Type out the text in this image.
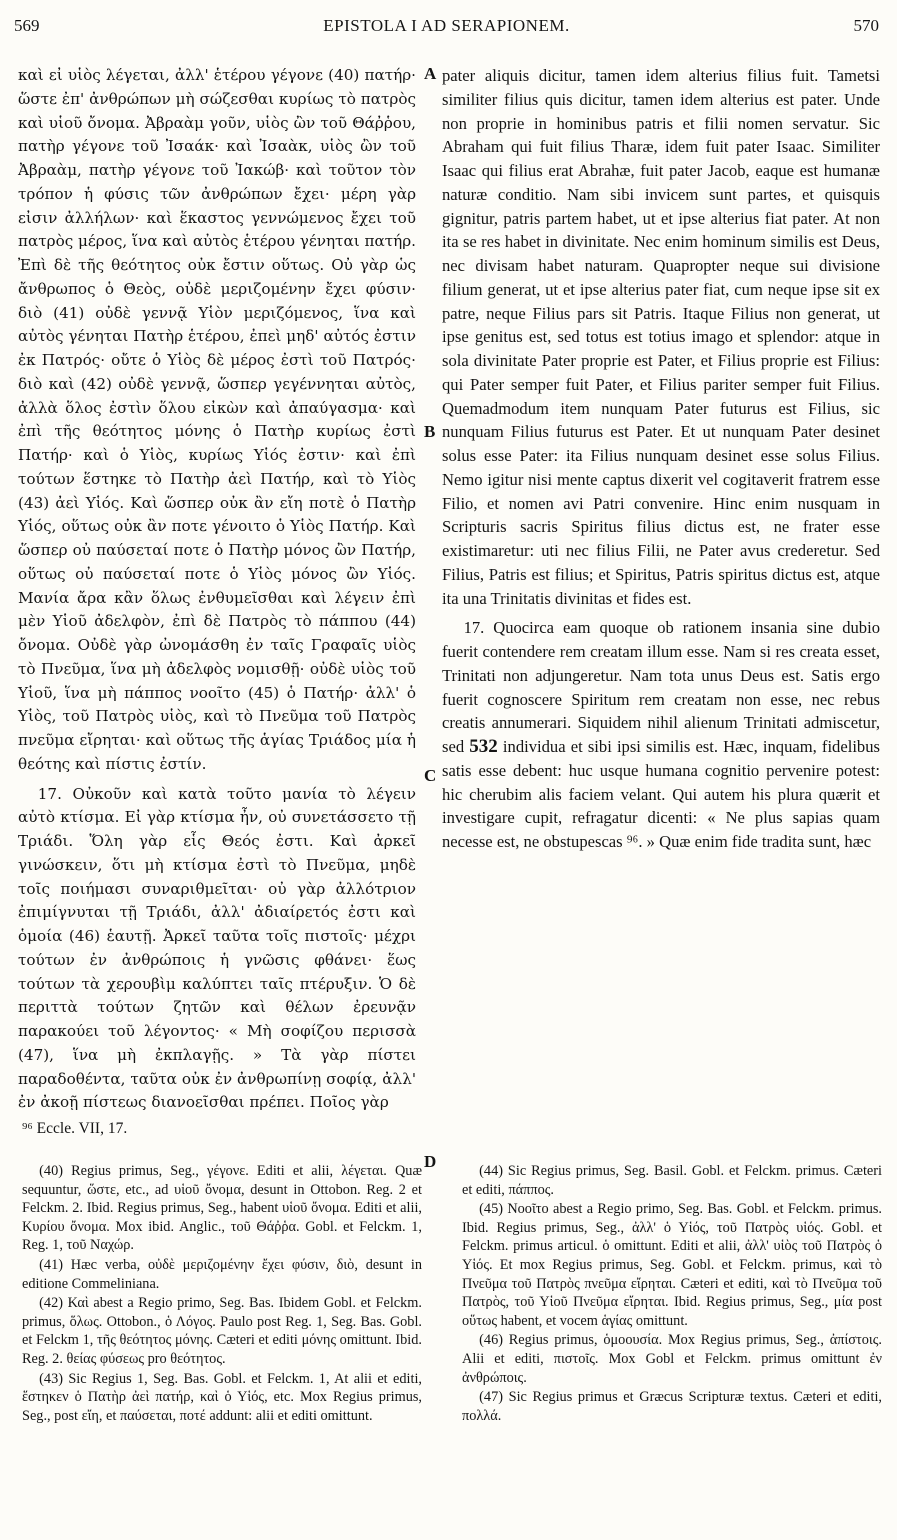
569	EPISTOLA I AD SERAPIONEM.	570

καὶ εἰ υἱὸς λέγεται, ἀλλ' ἑτέρου γέγονε (40) πατήρ· ὥστε ἐπ' ἀνθρώπων μὴ σώζεσθαι κυρίως τὸ πατρὸς καὶ υἱοῦ ὄνομα. Ἀβραὰμ γοῦν, υἱὸς ὢν τοῦ Θάῤῥου, πατὴρ γέγονε τοῦ Ἰσαάκ· καὶ Ἰσαὰκ, υἱὸς ὢν τοῦ Ἀβραὰμ, πατὴρ γέγονε τοῦ Ἰακώβ· καὶ τοῦτον τὸν τρόπον ἡ φύσις τῶν ἀνθρώπων ἔχει· μέρη γὰρ εἰσιν ἀλλήλων· καὶ ἕκαστος γεννώμενος ἔχει τοῦ πατρὸς μέρος, ἵνα καὶ αὐτὸς ἑτέρου γένηται πατήρ. Ἐπὶ δὲ τῆς θεότητος οὐκ ἔστιν οὕτως. Οὐ γὰρ ὡς ἄνθρωπος ὁ Θεὸς, οὐδὲ μεριζομένην ἔχει φύσιν· διὸ (41) οὐδὲ γεννᾷ Υἱὸν μεριζόμενος, ἵνα καὶ αὐτὸς γένηται Πατὴρ ἑτέρου, ἐπεὶ μηδ' αὐτός ἐστιν ἐκ Πατρός· οὔτε ὁ Υἱὸς δὲ μέρος ἐστὶ τοῦ Πατρός· διὸ καὶ (42) οὐδὲ γεννᾷ, ὥσπερ γεγέννηται αὐτὸς, ἀλλὰ ὅλος ἐστὶν ὅλου εἰκὼν καὶ ἀπαύγασμα· καὶ ἐπὶ τῆς θεότητος μόνης ὁ Πατὴρ κυρίως ἐστὶ Πατήρ· καὶ ὁ Υἱὸς, κυρίως Υἱός ἐστιν· καὶ ἐπὶ τούτων ἕστηκε τὸ Πατὴρ ἀεὶ Πατήρ, καὶ τὸ Υἱὸς (43) ἀεὶ Υἱός. Καὶ ὥσπερ οὐκ ἂν εἴη ποτὲ ὁ Πατὴρ Υἱός, οὕτως οὐκ ἂν ποτε γένοιτο ὁ Υἱὸς Πατήρ. Καὶ ὥσπερ οὐ παύσεταί ποτε ὁ Πατὴρ μόνος ὢν Πατήρ, οὕτως οὐ παύσεταί ποτε ὁ Υἱὸς μόνος ὢν Υἱός. Μανία ἄρα κἂν ὅλως ἐνθυμεῖσθαι καὶ λέγειν ἐπὶ μὲν Υἱοῦ ἀδελφὸν, ἐπὶ δὲ Πατρὸς τὸ πάππου (44) ὄνομα. Οὐδὲ γὰρ ὠνομάσθη ἐν ταῖς Γραφαῖς υἱὸς τὸ Πνεῦμα, ἵνα μὴ ἀδελφὸς νομισθῇ· οὐδὲ υἱὸς τοῦ Υἱοῦ, ἵνα μὴ πάππος νοοῖτο (45) ὁ Πατήρ· ἀλλ' ὁ Υἱὸς, τοῦ Πατρὸς υἱὸς, καὶ τὸ Πνεῦμα τοῦ Πατρὸς πνεῦμα εἴρηται· καὶ οὕτως τῆς ἁγίας Τριάδος μία ἡ θεότης καὶ πίστις ἐστίν.

17. Οὐκοῦν καὶ κατὰ τοῦτο μανία τὸ λέγειν αὐτὸ κτίσμα. Εἰ γὰρ κτίσμα ἦν, οὐ συνετάσσετο τῇ Τριάδι. Ὅλη γὰρ εἷς Θεός ἐστι. Καὶ ἀρκεῖ γινώσκειν, ὅτι μὴ κτίσμα ἐστὶ τὸ Πνεῦμα, μηδὲ τοῖς ποιήμασι συναριθμεῖται· οὐ γὰρ ἀλλότριον ἐπιμίγνυται τῇ Τριάδι, ἀλλ' ἀδιαίρετός ἐστι καὶ ὁμοία (46) ἑαυτῇ. Ἀρκεῖ ταῦτα τοῖς πιστοῖς· μέχρι τούτων ἐν ἀνθρώποις ἡ γνῶσις φθάνει· ἕως τούτων τὰ χερουβὶμ καλύπτει ταῖς πτέρυξιν. Ὁ δὲ περιττὰ τούτων ζητῶν καὶ θέλων ἐρευνᾷν παρακούει τοῦ λέγοντος· « Μὴ σοφίζου περισσὰ (47), ἵνα μὴ ἐκπλαγῇς. » Τὰ γὰρ πίστει παραδοθέντα, ταῦτα οὐκ ἐν ἀνθρωπίνῃ σοφίᾳ, ἀλλ' ἐν ἀκοῇ πίστεως διανοεῖσθαι πρέπει. Ποῖος γὰρ

A
B
C
D

pater aliquis dicitur, tamen idem alterius filius fuit. Tametsi similiter filius quis dicitur, tamen idem alterius est pater. Unde non proprie in hominibus patris et filii nomen servatur. Sic Abraham qui fuit filius Tharæ, idem fuit pater Isaac. Similiter Isaac qui filius erat Abrahæ, fuit pater Jacob, eaque est humanæ naturæ conditio. Nam sibi invicem sunt partes, et quisquis gignitur, patris partem habet, ut et ipse alterius fiat pater. At non ita se res habet in divinitate. Nec enim hominum similis est Deus, nec divisam habet naturam. Quapropter neque sui divisione filium generat, ut et ipse alterius pater fiat, cum neque ipse sit ex patre, neque Filius pars sit Patris. Itaque Filius non generat, ut ipse genitus est, sed totus est totius imago et splendor: atque in sola divinitate Pater proprie est Pater, et Filius proprie est Filius: qui Pater semper fuit Pater, et Filius pariter semper fuit Filius. Quemadmodum item nunquam Pater futurus est Filius, sic nunquam Filius futurus est Pater. Et ut nunquam Pater desinet solus esse Pater: ita Filius nunquam desinet esse solus Filius. Nemo igitur nisi mente captus dixerit vel cogitaverit fratrem esse Filio, et nomen avi Patri convenire. Hinc enim nusquam in Scripturis sacris Spiritus filius dictus est, ne frater esse existimaretur: uti nec filius Filii, ne Pater avus crederetur. Sed Filius, Patris est filius; et Spiritus, Patris spiritus dictus est, atque ita una Trinitatis divinitas et fides est.

17. Quocirca eam quoque ob rationem insania sine dubio fuerit contendere rem creatam illum esse. Nam si res creata esset, Trinitati non adjungeretur. Nam tota unus Deus est. Satis ergo fuerit cognoscere Spiritum rem creatam non esse, nec rebus creatis annumerari. Siquidem nihil alienum Trinitati admiscetur, sed 532 individua et sibi ipsi similis est. Hæc, inquam, fidelibus satis esse debent: huc usque humana cognitio pervenire potest: hic cherubim alis faciem velant. Qui autem his plura quærit et investigare cupit, refragatur dicenti: « Ne plus sapias quam necesse est, ne obstupescas ⁹⁶. » Quæ enim fide tradita sunt, hæc

⁹⁶ Eccle. VII, 17.

(40) Regius primus, Seg., γέγονε. Editi et alii, λέγεται. Quæ sequuntur, ὥστε, etc., ad υἱοῦ ὄνομα, desunt in Ottobon. Reg. 2 et Felckm. 2. Ibid. Regius primus, Seg., habent υἱοῦ ὄνομα. Editi et alii, Κυρίου ὄνομα. Mox ibid. Anglic., τοῦ Θάῤῥα. Gobl. et Felckm. 1, Reg. 1, τοῦ Ναχώρ.

(41) Hæc verba, οὐδὲ μεριζομένην ἔχει φύσιν, διὸ, desunt in editione Commeliniana.

(42) Καὶ abest a Regio primo, Seg. Bas. Ibidem Gobl. et Felckm. primus, ὅλως. Ottobon., ὁ Λόγος. Paulo post Reg. 1, Seg. Bas. Gobl. et Felckm 1, τῆς θεότητος μόνης. Cæteri et editi μόνης omittunt. Ibid. Reg. 2. θείας φύσεως pro θεότητος.

(43) Sic Regius 1, Seg. Bas. Gobl. et Felckm. 1, At alii et editi, ἕστηκεν ὁ Πατὴρ ἀεὶ πατήρ, καὶ ὁ Υἱός, etc. Mox Regius primus, Seg., post εἴη, et παύσεται, ποτέ addunt: alii et editi omittunt.

(44) Sic Regius primus, Seg. Basil. Gobl. et Felckm. primus. Cæteri et editi, πάππος.

(45) Νοοῖτο abest a Regio primo, Seg. Bas. Gobl. et Felckm. primus. Ibid. Regius primus, Seg., ἀλλ' ὁ Υἱός, τοῦ Πατρὸς υἱός. Gobl. et Felckm. primus articul. ὁ omittunt. Editi et alii, ἀλλ' υἱὸς τοῦ Πατρὸς ὁ Υἱός. Et mox Regius primus, Seg. Gobl. et Felckm. primus, καὶ τὸ Πνεῦμα τοῦ Πατρὸς πνεῦμα εἴρηται. Cæteri et editi, καὶ τὸ Πνεῦμα τοῦ Πατρὸς, τοῦ Υἱοῦ Πνεῦμα εἴρηται. Ibid. Regius primus, Seg., μία post οὕτως habent, et vocem ἁγίας omittunt.

(46) Regius primus, ὁμοουσία. Mox Regius primus, Seg., ἀπίστοις. Alii et editi, πιστοῖς. Mox Gobl et Felckm. primus omittunt ἐν ἀνθρώποις.

(47) Sic Regius primus et Græcus Scripturæ textus. Cæteri et editi, πολλά.
